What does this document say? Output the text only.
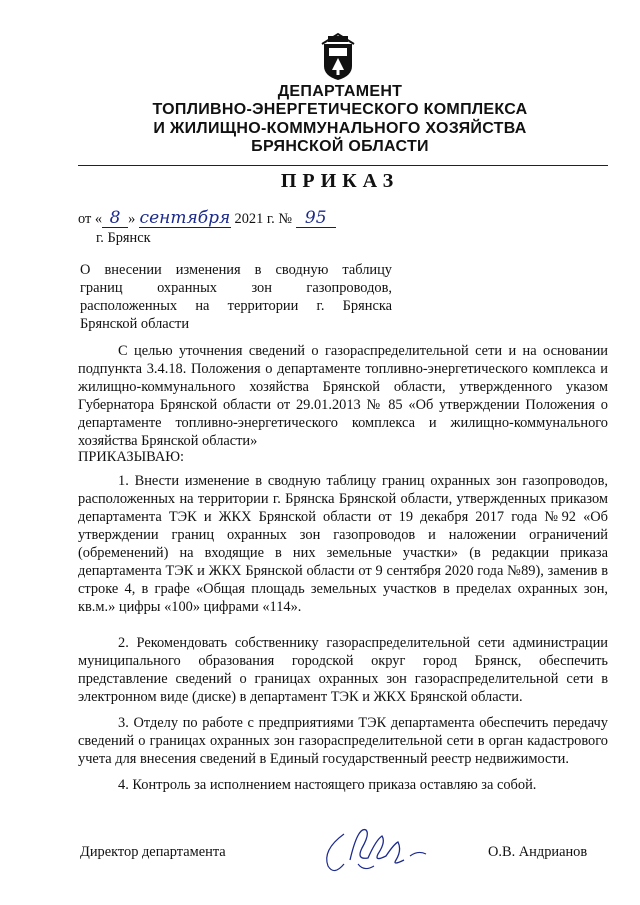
ДЕПАРТАМЕНТ
ТОПЛИВНО-ЭНЕРГЕТИЧЕСКОГО КОМПЛЕКСА
И ЖИЛИЩНО-КОММУНАЛЬНОГО ХОЗЯЙСТВА
БРЯНСКОЙ ОБЛАСТИ
ПРИКАЗ
от « 8 » сентября 2021 г. № 95
г. Брянск
О внесении изменения в сводную таблицу
границ охранных зон газопроводов,
расположенных на территории г. Брянска
Брянской области
С целью уточнения сведений о газораспределительной сети и на основании подпункта 3.4.18. Положения о департаменте топливно-энергетического комплекса и жилищно-коммунального хозяйства Брянской области, утвержденного указом Губернатора Брянской области от 29.01.2013 № 85 «Об утверждении Положения о департаменте топливно-энергетического комплекса и жилищно-коммунального хозяйства Брянской области»
ПРИКАЗЫВАЮ:
1. Внести изменение в сводную таблицу границ охранных зон газопроводов, расположенных на территории г. Брянска Брянской области, утвержденных приказом департамента ТЭК и ЖКХ Брянской области от 19 декабря 2017 года №92 «Об утверждении границ охранных зон газопроводов и наложении ограничений (обременений) на входящие в них земельные участки» (в редакции приказа департамента ТЭК и ЖКХ Брянской области от 9 сентября 2020 года №89), заменив в строке 4, в графе «Общая площадь земельных участков в пределах охранных зон, кв.м.» цифры «100» цифрами «114».
2. Рекомендовать собственнику газораспределительной сети администрации муниципального образования городской округ город Брянск, обеспечить представление сведений о границах охранных зон газораспределительной сети в электронном виде (диске) в департамент ТЭК и ЖКХ Брянской области.
3. Отделу по работе с предприятиями ТЭК департамента обеспечить передачу сведений о границах охранных зон газораспределительной сети в орган кадастрового учета для внесения сведений в Единый государственный реестр недвижимости.
4. Контроль за исполнением настоящего приказа оставляю за собой.
Директор департамента	О.В. Андрианов
